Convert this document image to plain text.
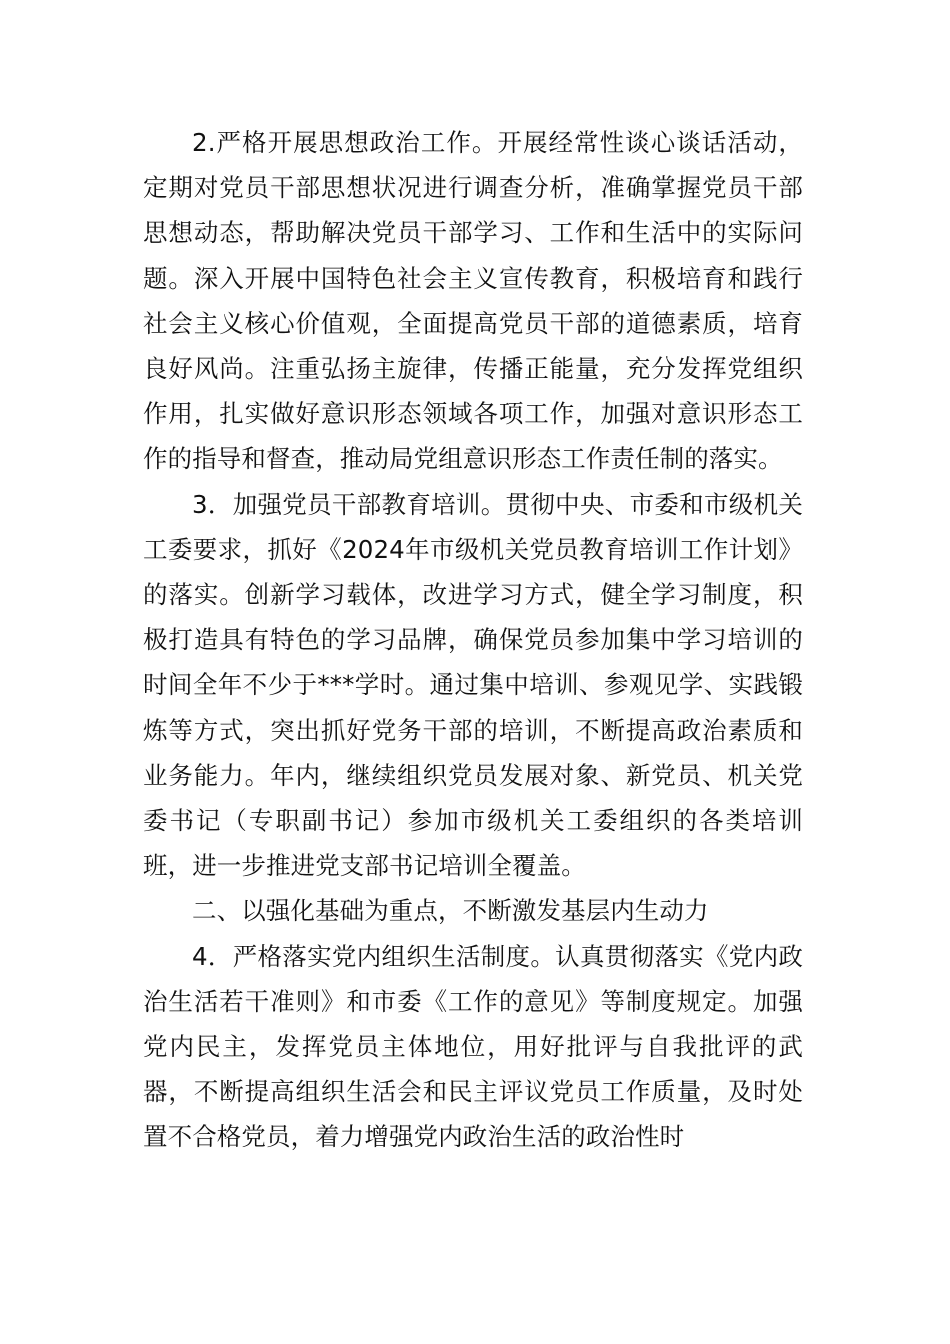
2.严格开展思想政治工作。开展经常性谈心谈话活动，定期对党员干部思想状况进行调查分析，准确掌握党员干部思想动态，帮助解决党员干部学习、工作和生活中的实际问题。深入开展中国特色社会主义宣传教育，积极培育和践行社会主义核心价值观，全面提高党员干部的道德素质，培育良好风尚。注重弘扬主旋律，传播正能量，充分发挥党组织作用，扎实做好意识形态领域各项工作，加强对意识形态工作的指导和督查，推动局党组意识形态工作责任制的落实。

3．加强党员干部教育培训。贯彻中央、市委和市级机关工委要求，抓好《2024年市级机关党员教育培训工作计划》的落实。创新学习载体，改进学习方式，健全学习制度，积极打造具有特色的学习品牌，确保党员参加集中学习培训的时间全年不少于***学时。通过集中培训、参观见学、实践锻炼等方式，突出抓好党务干部的培训，不断提高政治素质和业务能力。年内，继续组织党员发展对象、新党员、机关党委书记（专职副书记）参加市级机关工委组织的各类培训班，进一步推进党支部书记培训全覆盖。

二、以强化基础为重点，不断激发基层内生动力

4．严格落实党内组织生活制度。认真贯彻落实《党内政治生活若干准则》和市委《工作的意见》等制度规定。加强党内民主，发挥党员主体地位，用好批评与自我批评的武器，不断提高组织生活会和民主评议党员工作质量，及时处置不合格党员，着力增强党内政治生活的政治性时
